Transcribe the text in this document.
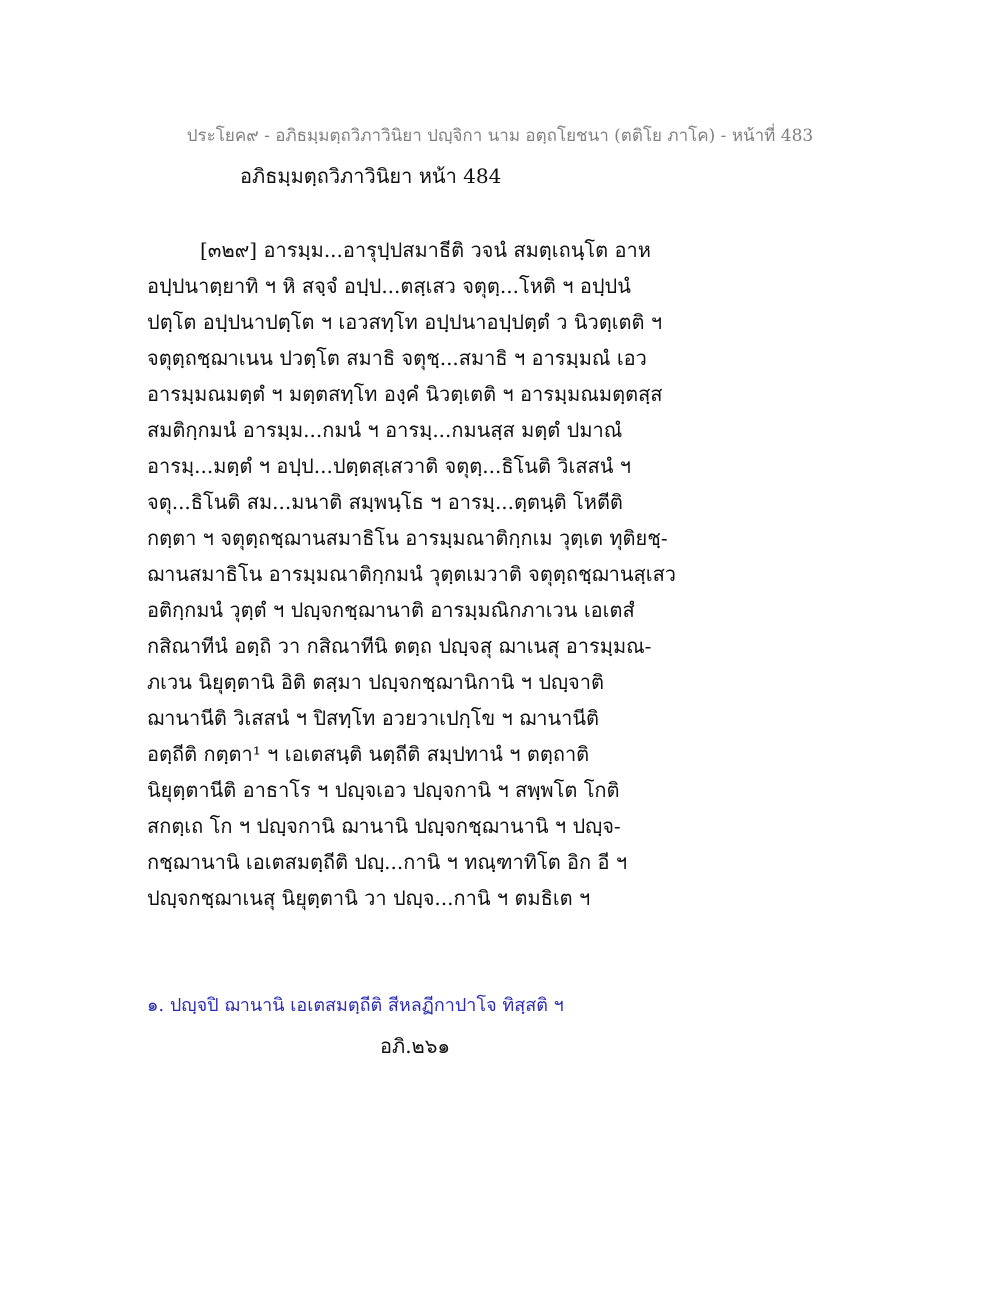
ประโยค๙ - อภิธมฺมตฺถวิภาวินิยา ปญฺจิกา นาม อตฺถโยชนา (ตติโย ภาโค) - หน้าที่ 483
อภิธมฺมตฺถวิภาวินิยา หน้า 484
[๓๒๙] อารมฺม...อารุปฺปสมาธีติ วจนํ สมตฺเถนฺโต อาห
อปฺปนาตฺยาทิ ฯ หิ สจฺจํ อปฺป...ตสฺเสว จตุตฺ...โหติ ฯ อปฺปนํ
ปตฺโต อปฺปนาปตฺโต ฯ เอวสทฺโท อปฺปนาอปฺปตฺตํ ว นิวตฺเตติ ฯ
จตุตฺถชฺฌาเนน ปวตฺโต สมาธิ จตุชฺ...สมาธิ ฯ อารมฺมณํ เอว
อารมฺมณมตฺตํ ฯ มตฺตสทฺโท องฺคํ นิวตฺเตติ ฯ อารมฺมณมตฺตสฺส
สมติกฺกมนํ อารมฺม...กมนํ ฯ อารมฺ...กมนสฺส มตฺตํ ปมาณํ
อารมฺ...มตฺตํ ฯ อปฺป...ปตฺตสฺเสวาติ จตุตฺ...ธิโนติ วิเสสนํ ฯ
จตุ...ธิโนติ สม...มนาติ สมฺพนฺโธ ฯ อารมฺ...ตฺตนฺติ โหตีติ
กตฺตา ฯ จตุตฺถชฺฌานสมาธิโน อารมฺมณาติกฺกเม วุตฺเต ทุติยชฺ-
ฌานสมาธิโน อารมฺมณาติกฺกมนํ วุตฺตเมวาติ จตุตฺถชฺฌานสฺเสว
อติกฺกมนํ วุตฺตํ ฯ ปญฺจกชฺฌานาติ อารมฺมณิกภาเวน เอเตสํ
กสิณาทีนํ อตฺถิ วา กสิณาทีนิ ตตฺถ ปญฺจสุ ฌาเนสุ อารมฺมณ-
ภเวน นิยุตฺตานิ อิติ ตสฺมา ปญฺจกชฺฌานิกานิ ฯ ปญฺจาติ
ฌานานีติ วิเสสนํ ฯ ปิสทฺโท อวยวาเปกฺโข ฯ ฌานานีติ
อตฺถีติ กตฺตา¹ ฯ เอเตสนฺติ นตฺถีติ สมฺปทานํ ฯ ตตฺถาติ
นิยุตฺตานีติ อาธาโร ฯ ปญฺจเอว ปญฺจกานิ ฯ สพฺพโต โกติ
สกตฺเถ โก ฯ ปญฺจกานิ ฌานานิ ปญฺจกชฺฌานานิ ฯ ปญฺจ-
กชฺฌานานิ เอเตสมตฺถีติ ปญฺ...กานิ ฯ ทณฺฑาทิโต อิก อี ฯ
ปญฺจกชฺฌาเนสุ นิยุตฺตานิ วา ปญฺจ...กานิ ฯ ตมธิเต ฯ
๑. ปญฺจปิ ฌานานิ เอเตสมตฺถีติ สีหลฏีกาปาโจ ทิสฺสติ ฯ
อภิ.๒๖๑
